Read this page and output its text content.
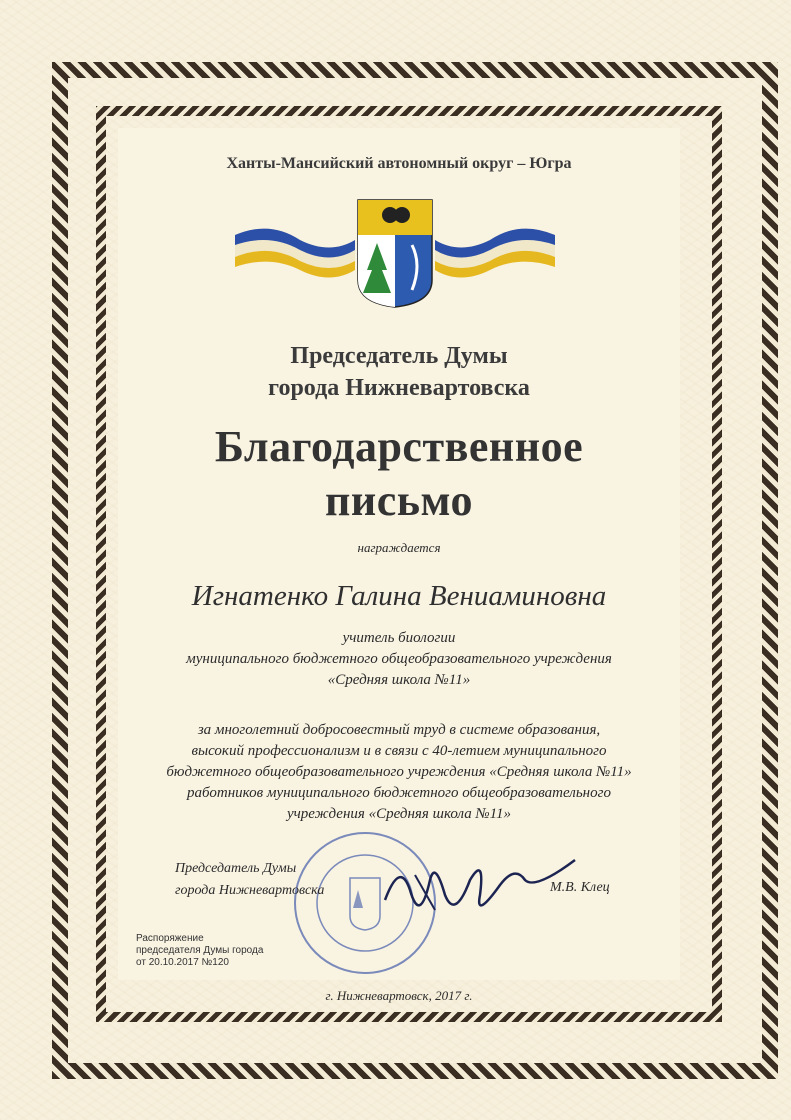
Ханты-Мансийский автономный округ – Югра
Председатель Думы
города Нижневартовска
Благодарственное
письмо
награждается
Игнатенко Галина Вениаминовна
учитель биологии
муниципального бюджетного общеобразовательного учреждения
«Средняя школа №11»
за многолетний добросовестный труд в системе образования,
высокий профессионализм и в связи с 40-летием муниципального
бюджетного общеобразовательного учреждения «Средняя школа №11»
работников муниципального бюджетного общеобразовательного
учреждения «Средняя школа №11»
Председатель Думы
города Нижневартовска	М.В. Клец
Распоряжение
председателя Думы города
от 20.10.2017 №120
г. Нижневартовск, 2017 г.
